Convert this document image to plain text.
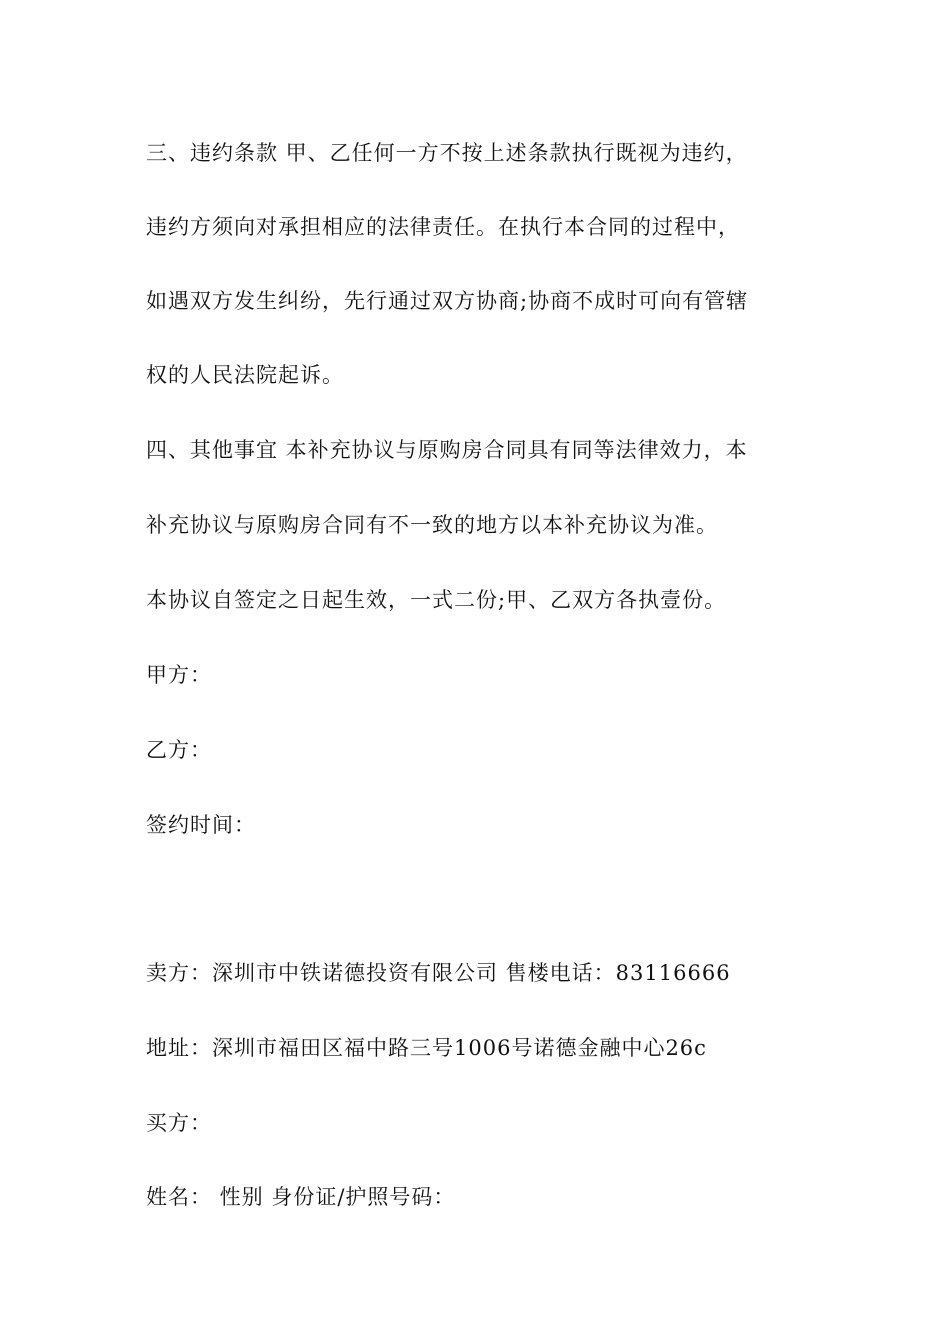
三、违约条款 甲、乙任何一方不按上述条款执行既视为违约，
违约方须向对承担相应的法律责任。在执行本合同的过程中，
如遇双方发生纠纷，先行通过双方协商;协商不成时可向有管辖
权的人民法院起诉。
四、其他事宜 本补充协议与原购房合同具有同等法律效力，本
补充协议与原购房合同有不一致的地方以本补充协议为准。
本协议自签定之日起生效，一式二份;甲、乙双方各执壹份。
甲方：
乙方：
签约时间：
卖方：深圳市中铁诺德投资有限公司 售楼电话：83116666
地址：深圳市福田区福中路三号1006号诺德金融中心26c
买方：
姓名： 性别 身份证/护照号码：
